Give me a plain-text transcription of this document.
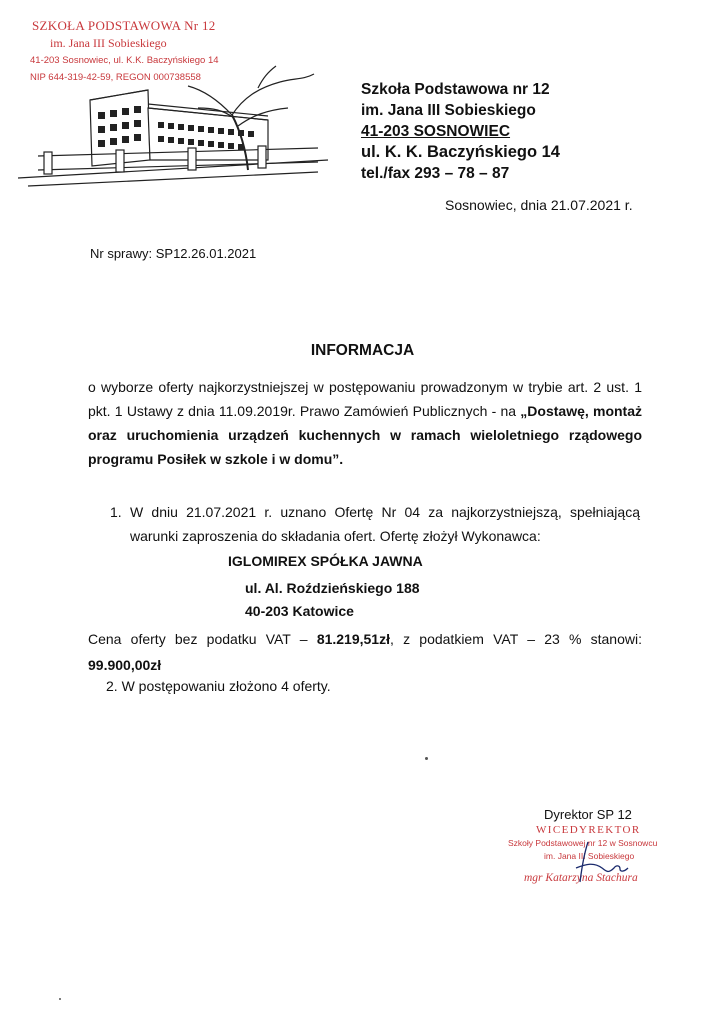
SZKOŁA PODSTAWOWA Nr 12
im. Jana III Sobieskiego
41-203 Sosnowiec, ul. K.K. Baczyńskiego 14
NIP 644-319-42-59, REGON 000738558
Szkoła Podstawowa nr 12
im. Jana III Sobieskiego
41-203 SOSNOWIEC
ul. K. K. Baczyńskiego 14
tel./fax 293 – 78 – 87
Sosnowiec, dnia 21.07.2021 r.
Nr sprawy: SP12.26.01.2021
INFORMACJA
o wyborze oferty najkorzystniejszej w postępowaniu prowadzonym w trybie art. 2 ust. 1 pkt. 1 Ustawy z dnia 11.09.2019r. Prawo Zamówień Publicznych - na „Dostawę, montaż oraz uruchomienia urządzeń kuchennych w ramach wieloletniego rządowego programu Posiłek w szkole i w domu”.
1. W dniu 21.07.2021 r. uznano Ofertę Nr 04 za najkorzystniejszą, spełniającą warunki zaproszenia do składania ofert. Ofertę złożył Wykonawca:
IGLOMIREX SPÓŁKA JAWNA
ul. Al. Roździeńskiego 188
40-203 Katowice
Cena oferty bez podatku VAT – 81.219,51zł, z podatkiem VAT – 23 % stanowi: 99.900,00zł
2. W postępowaniu złożono 4 oferty.
Dyrektor SP 12
WICEDYREKTOR
Szkoły Podstawowej nr 12 w Sosnowcu
im. Jana III Sobieskiego
mgr Katarzyna Stachura
